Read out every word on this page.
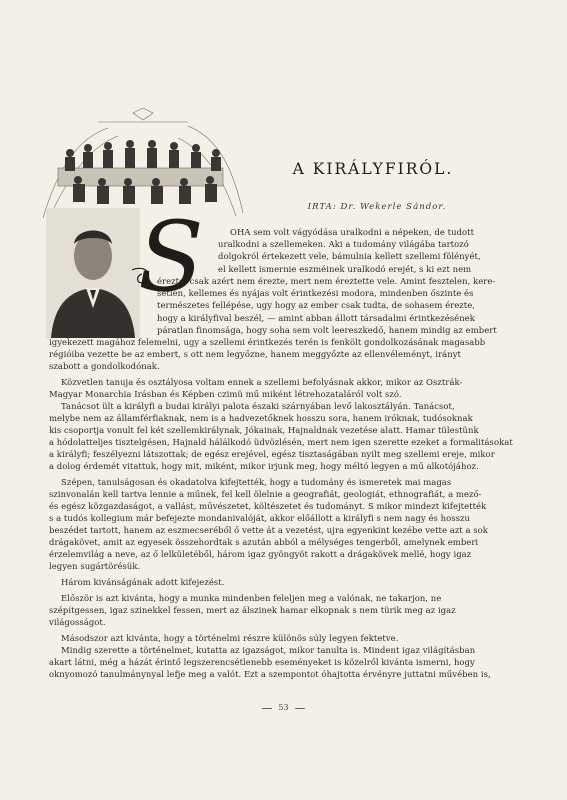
A KIRÁLYFIRÓL.
IRTA: Dr. Wekerle Sándor.
S	OHA sem volt vágyódása uralkodni a népeken, de tudott
uralkodni a szellemeken. Aki a tudomány világába tartozó
dolgokról értekezett vele, bámulnia kellett szellemi fölényét,
el kellett ismernie eszméinek uralkodó erejét, s ki ezt nem
érezte, csak azért nem érezte, mert nem éreztette vele. Amint fesztelen, kere-
setlen, kellemes és nyájas volt érintkezési modora, mindenben őszinte és
természetes fellépése, ugy hogy az ember csak tudta, de sohasem érezte,
hogy a királyfival beszél, — amint abban állott társadalmi érintkezésének
páratlan finomsága, hogy soha sem volt leereszkedő, hanem mindig az embert
igyekezett magához felemelni, ugy a szellemi érintkezés terén is fenkölt gondolkozásának magasabb
régióiba vezette be az embert, s ott nem legyőzne, hanem meggyőzte az ellenvéleményt, irányt
szabott a gondolkodónak.
Közvetlen tanuja és osztályosa voltam ennek a szellemi befolyásnak akkor, mikor az Osztrák-
Magyar Monarchia Irásban és Képben czimü mű miként létrehozataláról volt szó.
Tanácsot ült a királyfi a budai királyi palota északi szárnyában levő lakosztályán. Tanácsot,
melybe nem az államférfiaknak, nem is a hadvezetőknek hosszu sora, hanem iróknak, tudósoknak
kis csoportja vonult fel két szellemkirálynak, Jókainak, Hajnaldnak vezetése alatt. Hamar tülestünk
a hódolatteljes tisztelgésen, Hajnald hálálkodó üdvözlésén, mert nem igen szerette ezeket a formalitásokat
a királyfi; feszélyezni látszottak; de egész erejével, egész tisztaságában nyilt meg szellemi ereje, mikor
a dolog érdemét vitattuk, hogy mit, miként, mikor irjunk meg, hogy méltó legyen a mű alkotójához.
Szépen, tanulságosan és okadatolva kifejtették, hogy a tudomány és ismeretek mai magas
szinvonalán kell tartva lennie a műnek, fel kell ölelnie a geografiát, geologiát, ethnografiát, a mező-
és egész közgazdaságot, a vallást, művészetet, költészetet és tudományt. S mikor mindezt kifejtették
s a tudós kollegium már befejezte mondanivalóját, akkor előállott a királyfi s nem nagy és hosszu
beszédet tartott, hanem az eszmecseréből ő vette át a vezetést, ujra egyenkint kezébe vette azt a sok
drágakövet, amit az egyesek összehordtak s azután abból a mélységes tengerből, amelynek emberi
érzelemvilág a neve, az ő lelkületéből, három igaz gyöngyöt rakott a drágakövek mellé, hogy igaz
legyen sugártörésük.
Három kivánságának adott kifejezést.
Először is azt kivánta, hogy a munka mindenben feleljen meg a valónak, ne takarjon, ne
szépítgessen, igaz szinekkel fessen, mert az álszinek hamar elkopnak s nem türik meg az igaz
világosságot.
Másodszor azt kivánta, hogy a történelmi részre különös súly legyen fektetve.
Mindig szerette a történelmet, kutatta az igazságot, mikor tanulta is. Mindent igaz világításban
akart látni, még a házát érintő legszerencsétlenebb eseményeket is közelről kivánta ismerni, hogy
oknyomozó tanulmánynyal lefje meg a valót. Ezt a szempontot óhajtotta érvényre juttatni művében is,
53
